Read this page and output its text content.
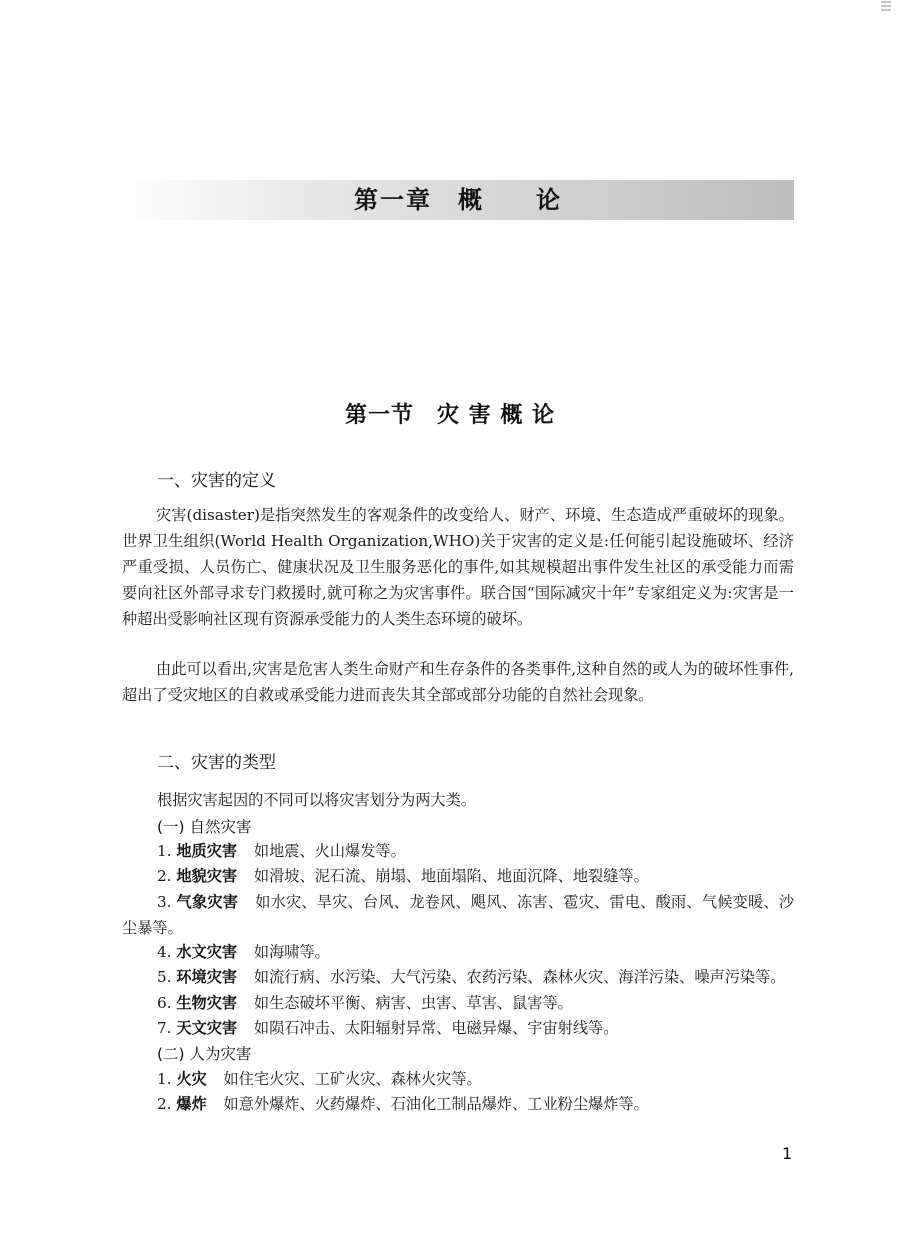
第一章　概　　论
第一节　灾 害 概 论
一、灾害的定义
灾害(disaster)是指突然发生的客观条件的改变给人、财产、环境、生态造成严重破坏的现象。世界卫生组织(World Health Organization,WHO)关于灾害的定义是:任何能引起设施破坏、经济严重受损、人员伤亡、健康状况及卫生服务恶化的事件,如其规模超出事件发生社区的承受能力而需要向社区外部寻求专门救援时,就可称之为灾害事件。联合国“国际减灾十年”专家组定义为:灾害是一种超出受影响社区现有资源承受能力的人类生态环境的破坏。
由此可以看出,灾害是危害人类生命财产和生存条件的各类事件,这种自然的或人为的破坏性事件,超出了受灾地区的自救或承受能力进而丧失其全部或部分功能的自然社会现象。
二、灾害的类型
根据灾害起因的不同可以将灾害划分为两大类。
(一) 自然灾害
1. 地质灾害 如地震、火山爆发等。
2. 地貌灾害 如滑坡、泥石流、崩塌、地面塌陷、地面沉降、地裂缝等。
3. 气象灾害 如水灾、旱灾、台风、龙卷风、飓风、冻害、雹灾、雷电、酸雨、气候变暖、沙尘暴等。
4. 水文灾害 如海啸等。
5. 环境灾害 如流行病、水污染、大气污染、农药污染、森林火灾、海洋污染、噪声污染等。
6. 生物灾害 如生态破坏平衡、病害、虫害、草害、鼠害等。
7. 天文灾害 如陨石冲击、太阳辐射异常、电磁异爆、宇宙射线等。
(二) 人为灾害
1. 火灾 如住宅火灾、工矿火灾、森林火灾等。
2. 爆炸 如意外爆炸、火药爆炸、石油化工制品爆炸、工业粉尘爆炸等。
1
